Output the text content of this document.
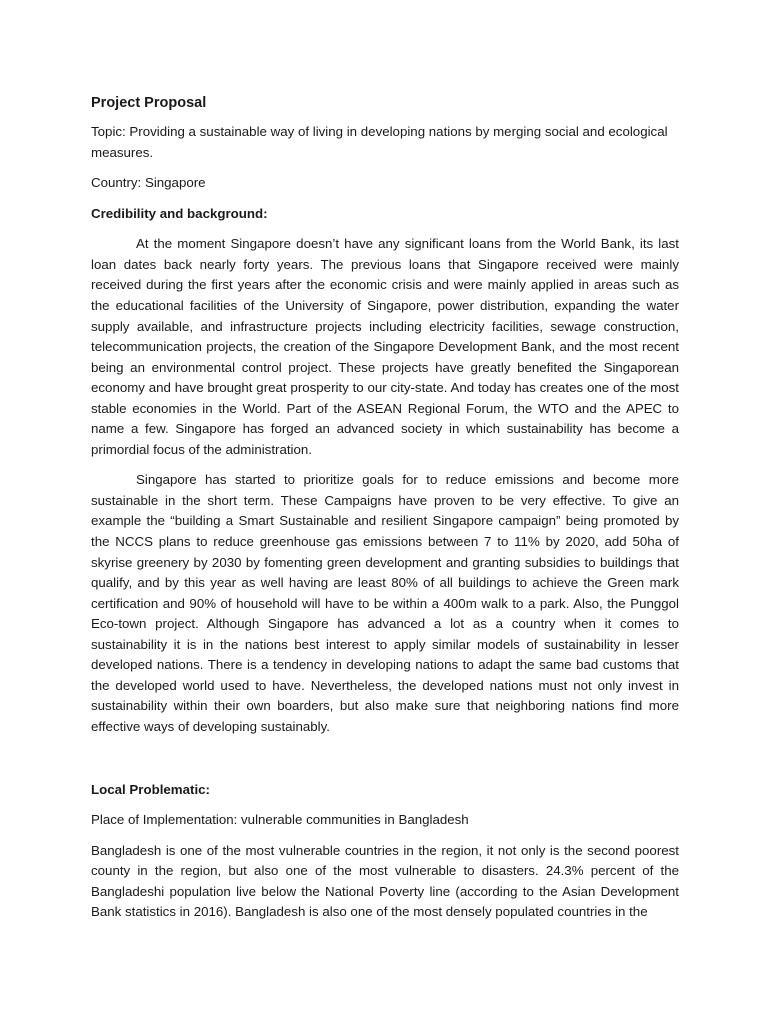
Project Proposal
Topic: Providing a sustainable way of living in developing nations by merging social and ecological measures.
Country: Singapore
Credibility and background:
At the moment Singapore doesn’t have any significant loans from the World Bank, its last loan dates back nearly forty years. The previous loans that Singapore received were mainly received during the first years after the economic crisis and were mainly applied in areas such as the educational facilities of the University of Singapore, power distribution, expanding the water supply available, and infrastructure projects including electricity facilities, sewage construction, telecommunication projects, the creation of the Singapore Development Bank, and the most recent being an environmental control project. These projects have greatly benefited the Singaporean economy and have brought great prosperity to our city-state. And today has creates one of the most stable economies in the World. Part of the ASEAN Regional Forum, the WTO and the APEC to name a few. Singapore has forged an advanced society in which sustainability has become a primordial focus of the administration.
Singapore has started to prioritize goals for to reduce emissions and become more sustainable in the short term. These Campaigns have proven to be very effective. To give an example the “building a Smart Sustainable and resilient Singapore campaign” being promoted by the NCCS plans to reduce greenhouse gas emissions between 7 to 11% by 2020, add 50ha of skyrise greenery by 2030 by fomenting green development and granting subsidies to buildings that qualify, and by this year as well having are least 80% of all buildings to achieve the Green mark certification and 90% of household will have to be within a 400m walk to a park. Also, the Punggol Eco-town project. Although Singapore has advanced a lot as a country when it comes to sustainability it is in the nations best interest to apply similar models of sustainability in lesser developed nations. There is a tendency in developing nations to adapt the same bad customs that the developed world used to have. Nevertheless, the developed nations must not only invest in sustainability within their own boarders, but also make sure that neighboring nations find more effective ways of developing sustainably.
Local Problematic:
Place of Implementation: vulnerable communities in Bangladesh
Bangladesh is one of the most vulnerable countries in the region, it not only is the second poorest county in the region, but also one of the most vulnerable to disasters. 24.3% percent of the Bangladeshi population live below the National Poverty line (according to the Asian Development Bank statistics in 2016). Bangladesh is also one of the most densely populated countries in the
